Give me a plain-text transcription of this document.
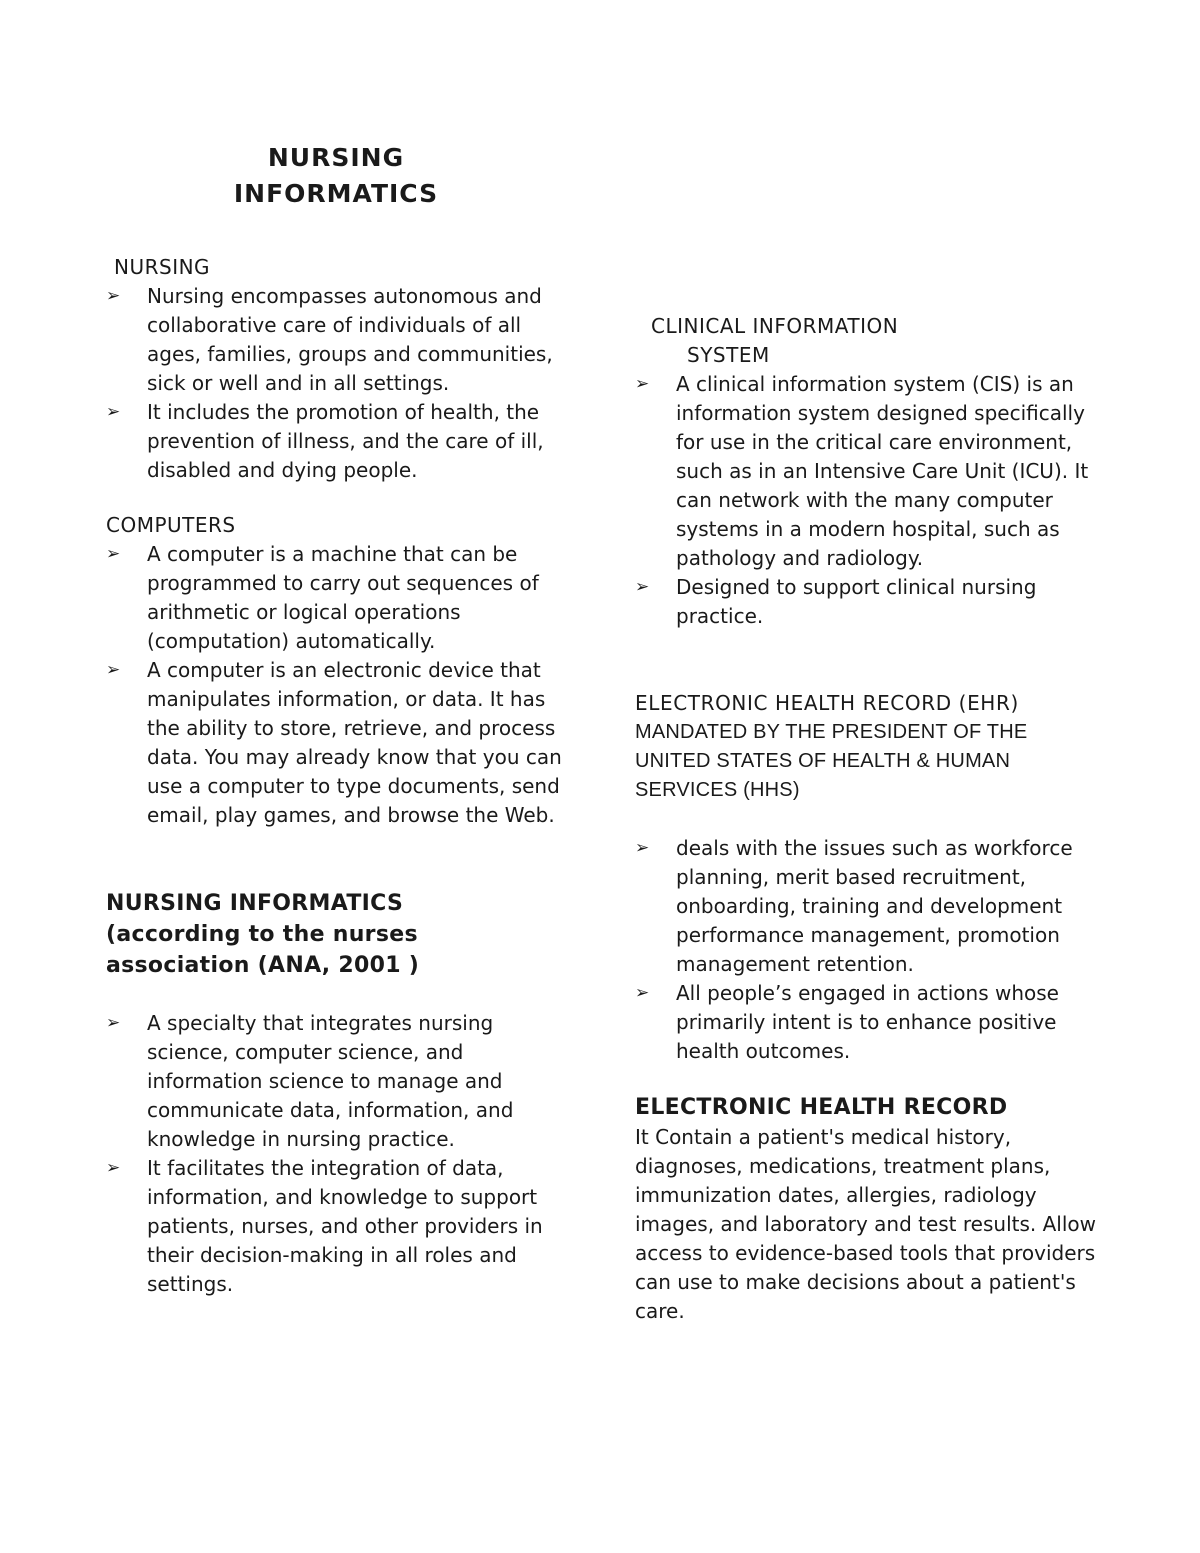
NURSING
INFORMATICS
NURSING
➢ Nursing encompasses autonomous and collaborative care of individuals of all ages, families, groups and communities, sick or well and in all settings.
➢ It includes the promotion of health, the prevention of illness, and the care of ill, disabled and dying people.
COMPUTERS
➢ A computer is a machine that can be programmed to carry out sequences of arithmetic or logical operations (computation) automatically.
➢ A computer is an electronic device that manipulates information, or data. It has the ability to store, retrieve, and process data. You may already know that you can use a computer to type documents, send email, play games, and browse the Web.
NURSING INFORMATICS (according to the nurses association (ANA, 2001 )
➢ A specialty that integrates nursing science, computer science, and information science to manage and communicate data, information, and knowledge in nursing practice.
➢ It facilitates the integration of data, information, and knowledge to support patients, nurses, and other providers in their decision-making in all roles and settings.
CLINICAL INFORMATION
SYSTEM
➢ A clinical information system (CIS) is an information system designed specifically for use in the critical care environment, such as in an Intensive Care Unit (ICU). It can network with the many computer systems in a modern hospital, such as pathology and radiology.
➢ Designed to support clinical nursing practice.
ELECTRONIC HEALTH RECORD (EHR)

MANDATED BY THE PRESIDENT OF THE UNITED STATES OF HEALTH & HUMAN SERVICES (HHS)

➢ deals with the issues such as workforce planning, merit based recruitment, onboarding, training and development performance management, promotion management retention.
➢ All people’s engaged in actions whose primarily intent is to enhance positive health outcomes.
ELECTRONIC HEALTH RECORD

It Contain a patient's medical history, diagnoses, medications, treatment plans, immunization dates, allergies, radiology images, and laboratory and test results. Allow access to evidence-based tools that providers can use to make decisions about a patient's care.
